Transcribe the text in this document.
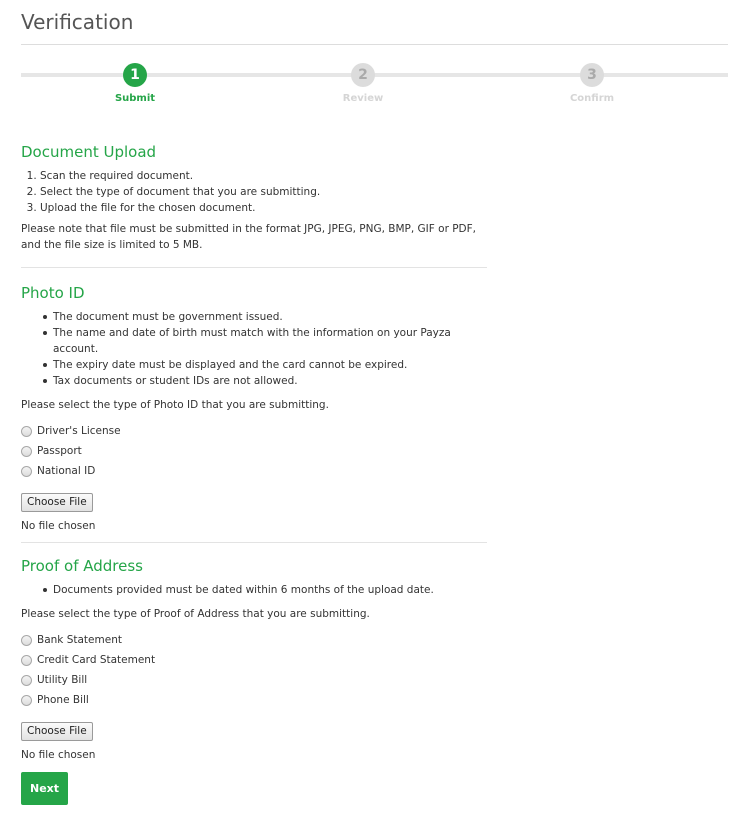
Verification
1
Submit
2
Review
3
Confirm
Document Upload
1. Scan the required document.
2. Select the type of document that you are submitting.
3. Upload the file for the chosen document.
Please note that file must be submitted in the format JPG, JPEG, PNG, BMP, GIF or PDF, and the file size is limited to 5 MB.
Photo ID
The document must be government issued.
The name and date of birth must match with the information on your Payza account.
The expiry date must be displayed and the card cannot be expired.
Tax documents or student IDs are not allowed.
Please select the type of Photo ID that you are submitting.
Driver's License
Passport
National ID
Choose File
No file chosen
Proof of Address
Documents provided must be dated within 6 months of the upload date.
Please select the type of Proof of Address that you are submitting.
Bank Statement
Credit Card Statement
Utility Bill
Phone Bill
Choose File
No file chosen
Next
